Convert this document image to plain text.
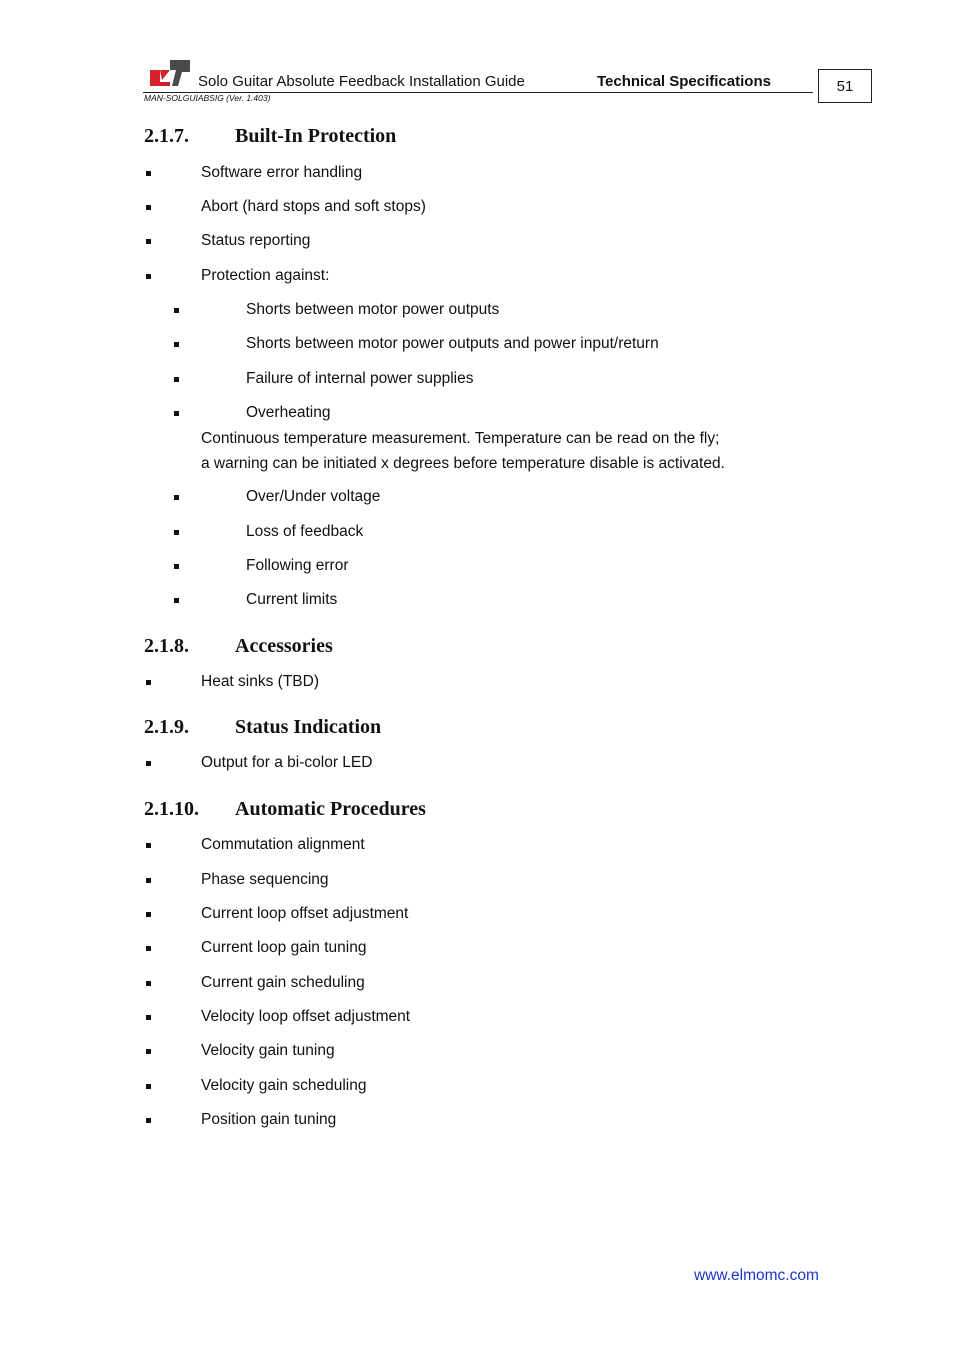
Solo Guitar Absolute Feedback Installation Guide	Technical Specifications
MAN-SOLGUIABSIG (Ver. 1.403)
51
2.1.7. Built-In Protection
Software error handling
Abort (hard stops and soft stops)
Status reporting
Protection against:
Shorts between motor power outputs
Shorts between motor power outputs and power input/return
Failure of internal power supplies
Overheating
Continuous temperature measurement. Temperature can be read on the fly;
a warning can be initiated x degrees before temperature disable is activated.
Over/Under voltage
Loss of feedback
Following error
Current limits
2.1.8. Accessories
Heat sinks (TBD)
2.1.9. Status Indication
Output for a bi-color LED
2.1.10. Automatic Procedures
Commutation alignment
Phase sequencing
Current loop offset adjustment
Current loop gain tuning
Current gain scheduling
Velocity loop offset adjustment
Velocity gain tuning
Velocity gain scheduling
Position gain tuning
www.elmomc.com
